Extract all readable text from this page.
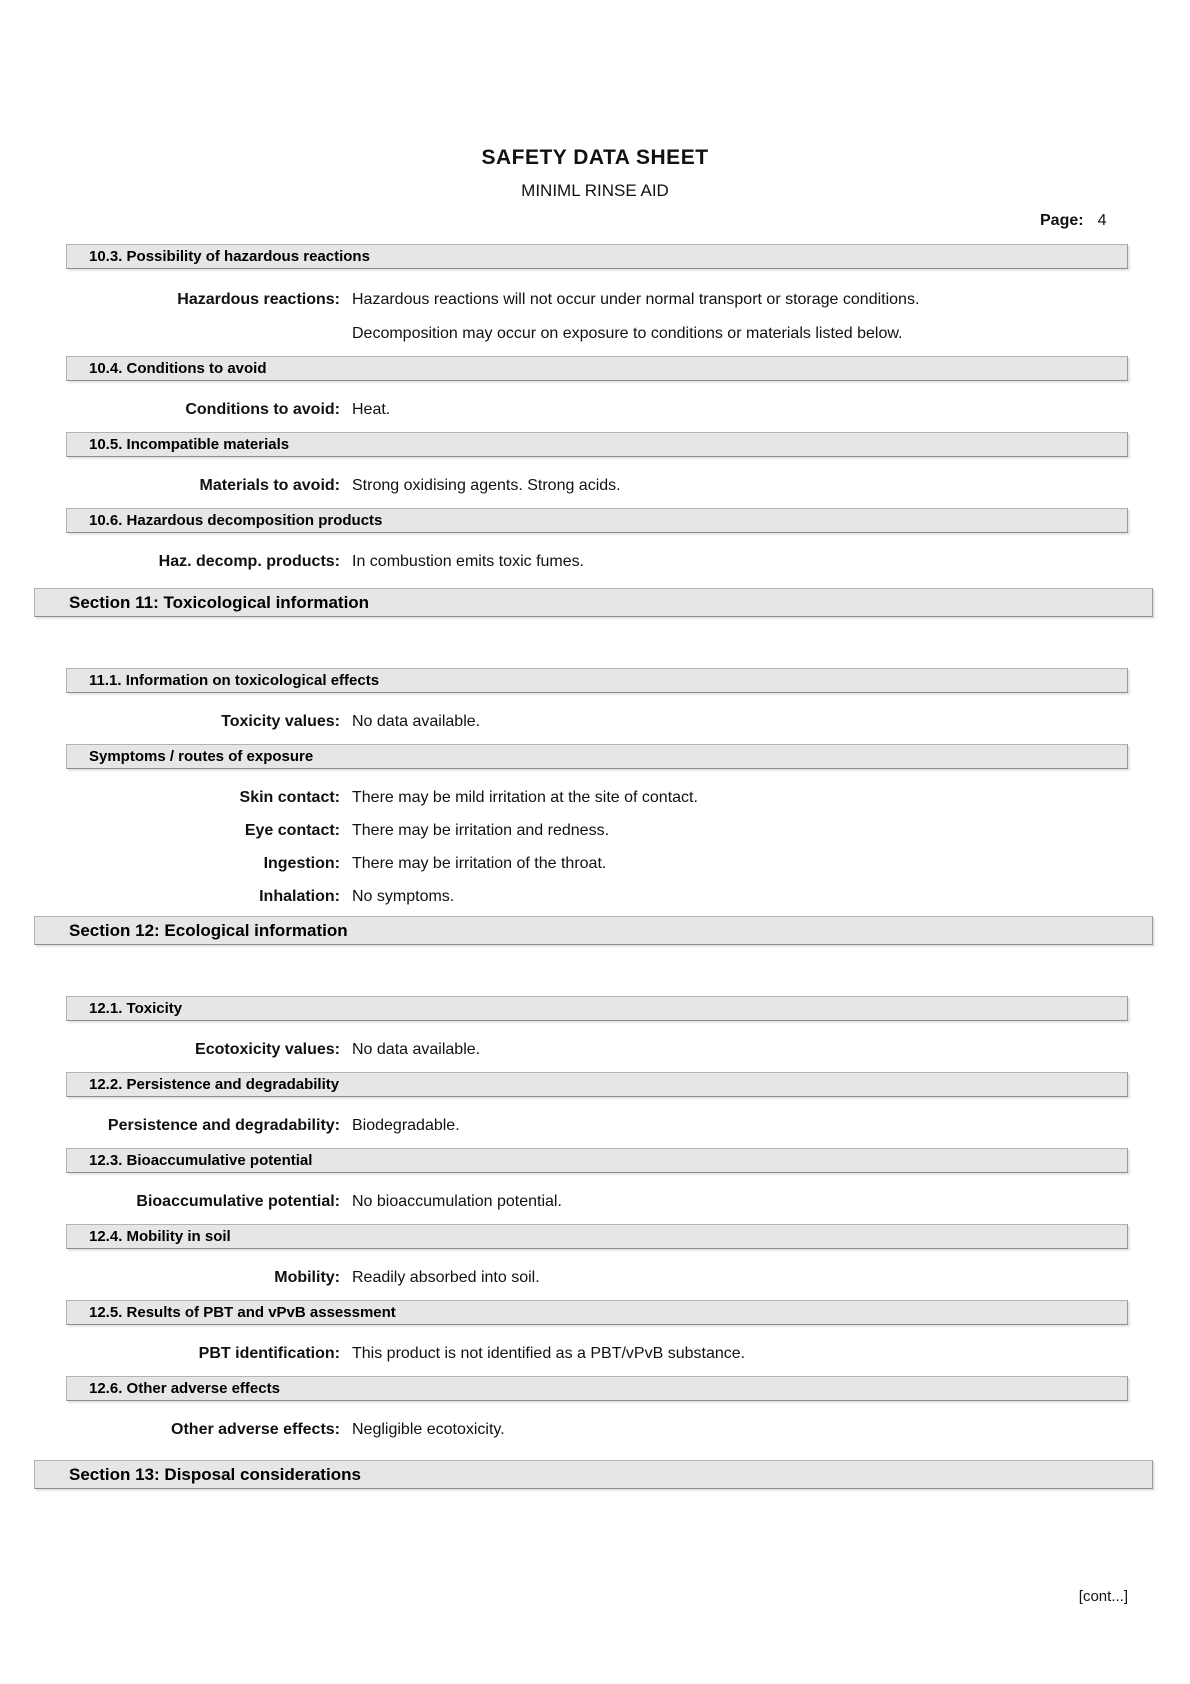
SAFETY DATA SHEET
MINIML RINSE AID
Page: 4
10.3. Possibility of hazardous reactions
Hazardous reactions: Hazardous reactions will not occur under normal transport or storage conditions.
Decomposition may occur on exposure to conditions or materials listed below.
10.4. Conditions to avoid
Conditions to avoid: Heat.
10.5. Incompatible materials
Materials to avoid: Strong oxidising agents. Strong acids.
10.6. Hazardous decomposition products
Haz. decomp. products: In combustion emits toxic fumes.
Section 11: Toxicological information
11.1. Information on toxicological effects
Toxicity values: No data available.
Symptoms / routes of exposure
Skin contact: There may be mild irritation at the site of contact.
Eye contact: There may be irritation and redness.
Ingestion: There may be irritation of the throat.
Inhalation: No symptoms.
Section 12: Ecological information
12.1. Toxicity
Ecotoxicity values: No data available.
12.2. Persistence and degradability
Persistence and degradability: Biodegradable.
12.3. Bioaccumulative potential
Bioaccumulative potential: No bioaccumulation potential.
12.4. Mobility in soil
Mobility: Readily absorbed into soil.
12.5. Results of PBT and vPvB assessment
PBT identification: This product is not identified as a PBT/vPvB substance.
12.6. Other adverse effects
Other adverse effects: Negligible ecotoxicity.
Section 13: Disposal considerations
[cont...]
